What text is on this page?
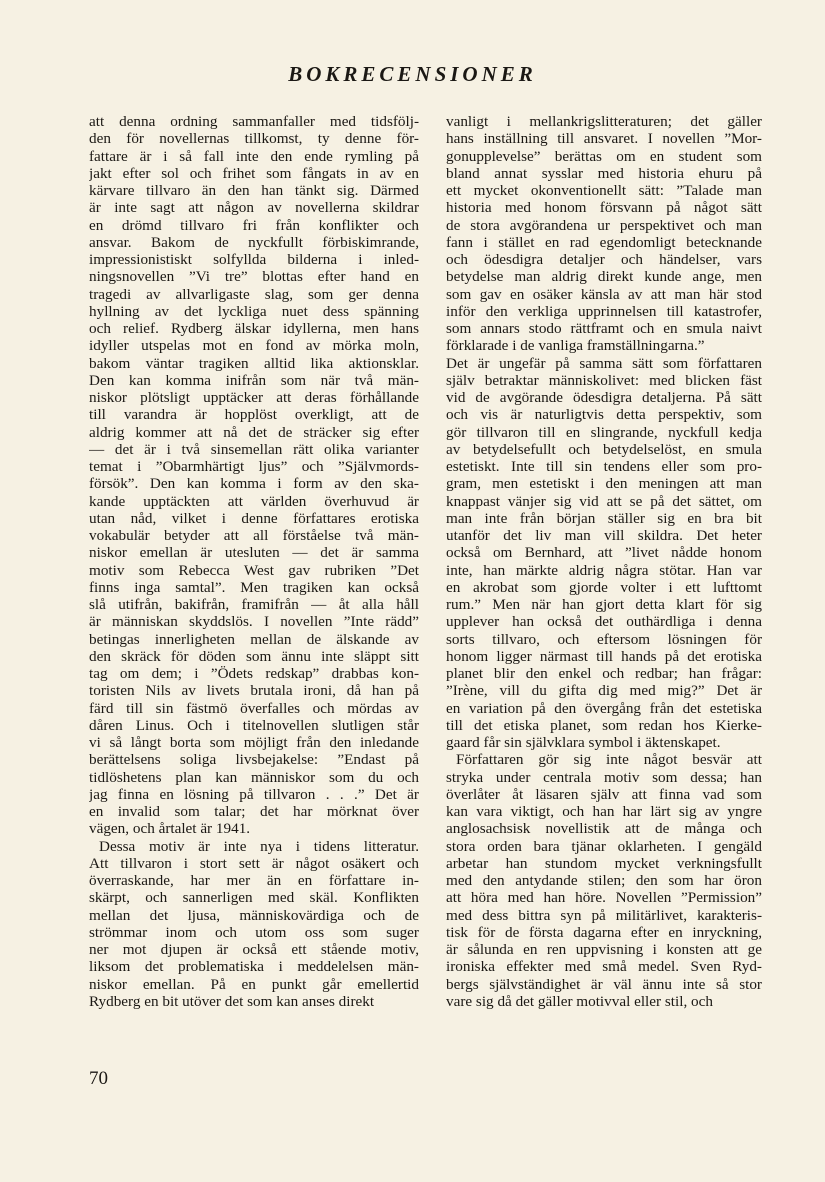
BOKRECENSIONER
att denna ordning sammanfaller med tidsfölj-
den för novellernas tillkomst, ty denne för-
fattare är i så fall inte den ende rymling på
jakt efter sol och frihet som fångats in av en
kärvare tillvaro än den han tänkt sig. Därmed
är inte sagt att någon av novellerna skildrar
en drömd tillvaro fri från konflikter och
ansvar. Bakom de nyckfullt förbiskimrande,
impressionistiskt solfyllda bilderna i inled-
ningsnovellen ”Vi tre” blottas efter hand en
tragedi av allvarligaste slag, som ger denna
hyllning av det lyckliga nuet dess spänning
och relief. Rydberg älskar idyllerna, men hans
idyller utspelas mot en fond av mörka moln,
bakom väntar tragiken alltid lika aktionsklar.
Den kan komma inifrån som när två män-
niskor plötsligt upptäcker att deras förhållande
till varandra är hopplöst overkligt, att de
aldrig kommer att nå det de sträcker sig efter
— det är i två sinsemellan rätt olika varianter
temat i ”Obarmhärtigt ljus” och ”Självmords-
försök”. Den kan komma i form av den ska-
kande upptäckten att världen överhuvud är
utan nåd, vilket i denne författares erotiska
vokabulär betyder att all förståelse två män-
niskor emellan är utesluten — det är samma
motiv som Rebecca West gav rubriken ”Det
finns inga samtal”. Men tragiken kan också
slå utifrån, bakifrån, framifrån — åt alla håll
är människan skyddslös. I novellen ”Inte rädd”
betingas innerligheten mellan de älskande av
den skräck för döden som ännu inte släppt sitt
tag om dem; i ”Ödets redskap” drabbas kon-
toristen Nils av livets brutala ironi, då han på
färd till sin fästmö överfalles och mördas av
dåren Linus. Och i titelnovellen slutligen står
vi så långt borta som möjligt från den inledande
berättelsens soliga livsbejakelse: ”Endast på
tidlöshetens plan kan människor som du och
jag finna en lösning på tillvaron . . .” Det är
en invalid som talar; det har mörknat över
vägen, och årtalet är 1941.
Dessa motiv är inte nya i tidens litteratur.
Att tillvaron i stort sett är något osäkert och
överraskande, har mer än en författare in-
skärpt, och sannerligen med skäl. Konflikten
mellan det ljusa, människovärdiga och de
strömmar inom och utom oss som suger
ner mot djupen är också ett stående motiv,
liksom det problematiska i meddelelsen män-
niskor emellan. På en punkt går emellertid
Rydberg en bit utöver det som kan anses direkt
vanligt i mellankrigslitteraturen; det gäller
hans inställning till ansvaret. I novellen ”Mor-
gonupplevelse” berättas om en student som
bland annat sysslar med historia ehuru på
ett mycket okonventionellt sätt: ”Talade man
historia med honom försvann på något sätt
de stora avgörandena ur perspektivet och man
fann i stället en rad egendomligt betecknande
och ödesdigra detaljer och händelser, vars
betydelse man aldrig direkt kunde ange, men
som gav en osäker känsla av att man här stod
inför den verkliga upprinnelsen till katastrofer,
som annars stodo rättframt och en smula naivt
förklarade i de vanliga framställningarna.”
Det är ungefär på samma sätt som författaren
själv betraktar människolivet: med blicken fäst
vid de avgörande ödesdigra detaljerna. På sätt
och vis är naturligtvis detta perspektiv, som
gör tillvaron till en slingrande, nyckfull kedja
av betydelsefullt och betydelselöst, en smula
estetiskt. Inte till sin tendens eller som pro-
gram, men estetiskt i den meningen att man
knappast vänjer sig vid att se på det sättet, om
man inte från början ställer sig en bra bit
utanför det liv man vill skildra. Det heter
också om Bernhard, att ”livet nådde honom
inte, han märkte aldrig några stötar. Han var
en akrobat som gjorde volter i ett lufttomt
rum.” Men när han gjort detta klart för sig
upplever han också det outhärdliga i denna
sorts tillvaro, och eftersom lösningen för
honom ligger närmast till hands på det erotiska
planet blir den enkel och redbar; han frågar:
”Irène, vill du gifta dig med mig?” Det är
en variation på den övergång från det estetiska
till det etiska planet, som redan hos Kierke-
gaard får sin självklara symbol i äktenskapet.
Författaren gör sig inte något besvär att
stryka under centrala motiv som dessa; han
överlåter åt läsaren själv att finna vad som
kan vara viktigt, och han har lärt sig av yngre
anglosachsisk novellistik att de många och
stora orden bara tjänar oklarheten. I gengäld
arbetar han stundom mycket verkningsfullt
med den antydande stilen; den som har öron
att höra med han höre. Novellen ”Permission”
med dess bittra syn på militärlivet, karakteris-
tisk för de första dagarna efter en inryckning,
är sålunda en ren uppvisning i konsten att ge
ironiska effekter med små medel. Sven Ryd-
bergs självständighet är väl ännu inte så stor
vare sig då det gäller motivval eller stil, och
70
